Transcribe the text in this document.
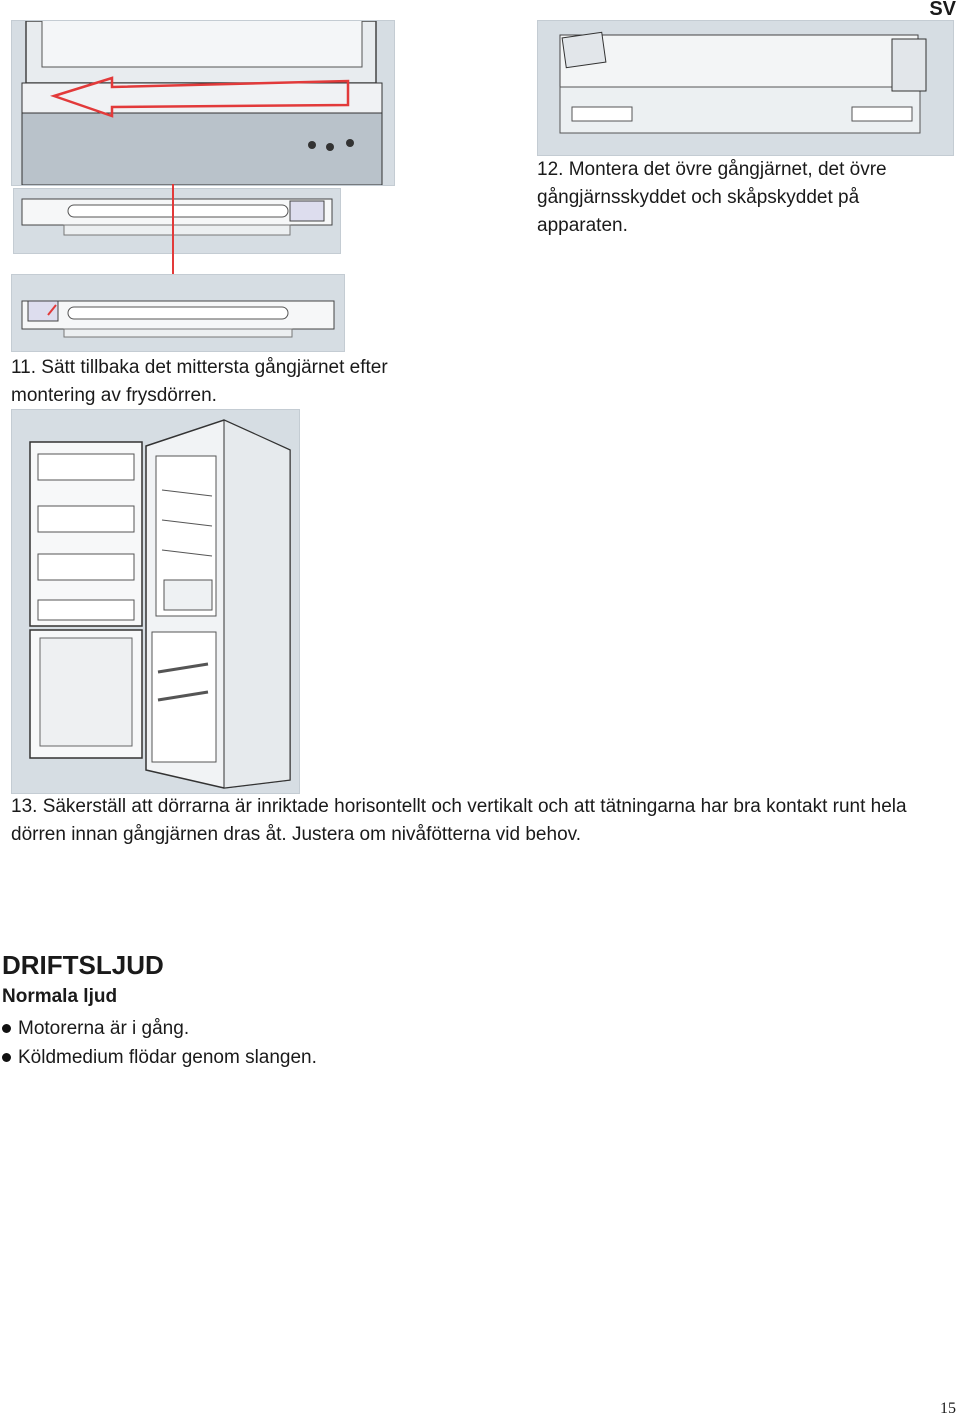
SV
11. Sätt tillbaka det mittersta gångjärnet efter montering av frysdörren.
12. Montera det övre gångjärnet, det övre gångjärnsskyddet och skåpskyddet på apparaten.
13. Säkerställ att dörrarna är inriktade horisontellt och vertikalt och att tätningarna har bra kontakt runt hela dörren innan gångjärnen dras åt. Justera om nivåfötterna vid behov.
DRIFTSLJUD
Normala ljud
Motorerna är i gång.
Köldmedium flödar genom slangen.
15
